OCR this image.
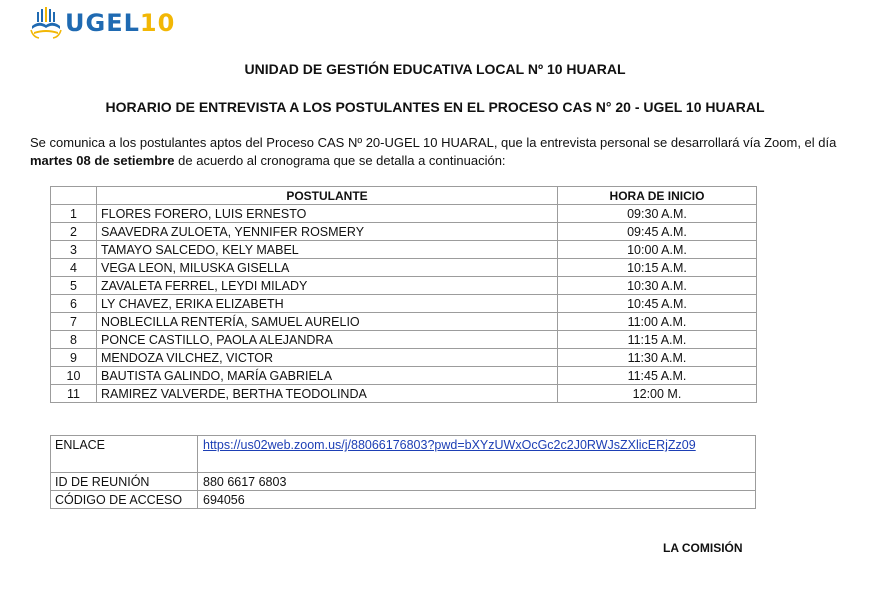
UGEL10
UNIDAD DE GESTIÓN EDUCATIVA LOCAL Nº 10 HUARAL
HORARIO DE ENTREVISTA A LOS POSTULANTES EN EL PROCESO CAS N° 20 - UGEL 10 HUARAL
Se comunica a los postulantes aptos del Proceso CAS Nº 20-UGEL 10 HUARAL, que la entrevista personal se desarrollará vía Zoom, el día martes 08 de setiembre de acuerdo al cronograma que se detalla a continuación:
	POSTULANTE	HORA DE INICIO
1	FLORES FORERO, LUIS ERNESTO	09:30 A.M.
2	SAAVEDRA ZULOETA, YENNIFER ROSMERY	09:45 A.M.
3	TAMAYO SALCEDO, KELY MABEL	10:00 A.M.
4	VEGA LEON, MILUSKA GISELLA	10:15 A.M.
5	ZAVALETA FERREL, LEYDI MILADY	10:30 A.M.
6	LY CHAVEZ, ERIKA ELIZABETH	10:45 A.M.
7	NOBLECILLA RENTERÍA, SAMUEL AURELIO	11:00 A.M.
8	PONCE CASTILLO, PAOLA ALEJANDRA	11:15 A.M.
9	MENDOZA VILCHEZ, VICTOR	11:30 A.M.
10	BAUTISTA GALINDO, MARÍA GABRIELA	11:45 A.M.
11	RAMIREZ VALVERDE, BERTHA TEODOLINDA	12:00 M.
ENLACE	https://us02web.zoom.us/j/88066176803?pwd=bXYzUWxOcGc2c2J0RWJsZXlicERjZz09
ID DE REUNIÓN	880 6617 6803
CÓDIGO DE ACCESO	694056
LA COMISIÓN
